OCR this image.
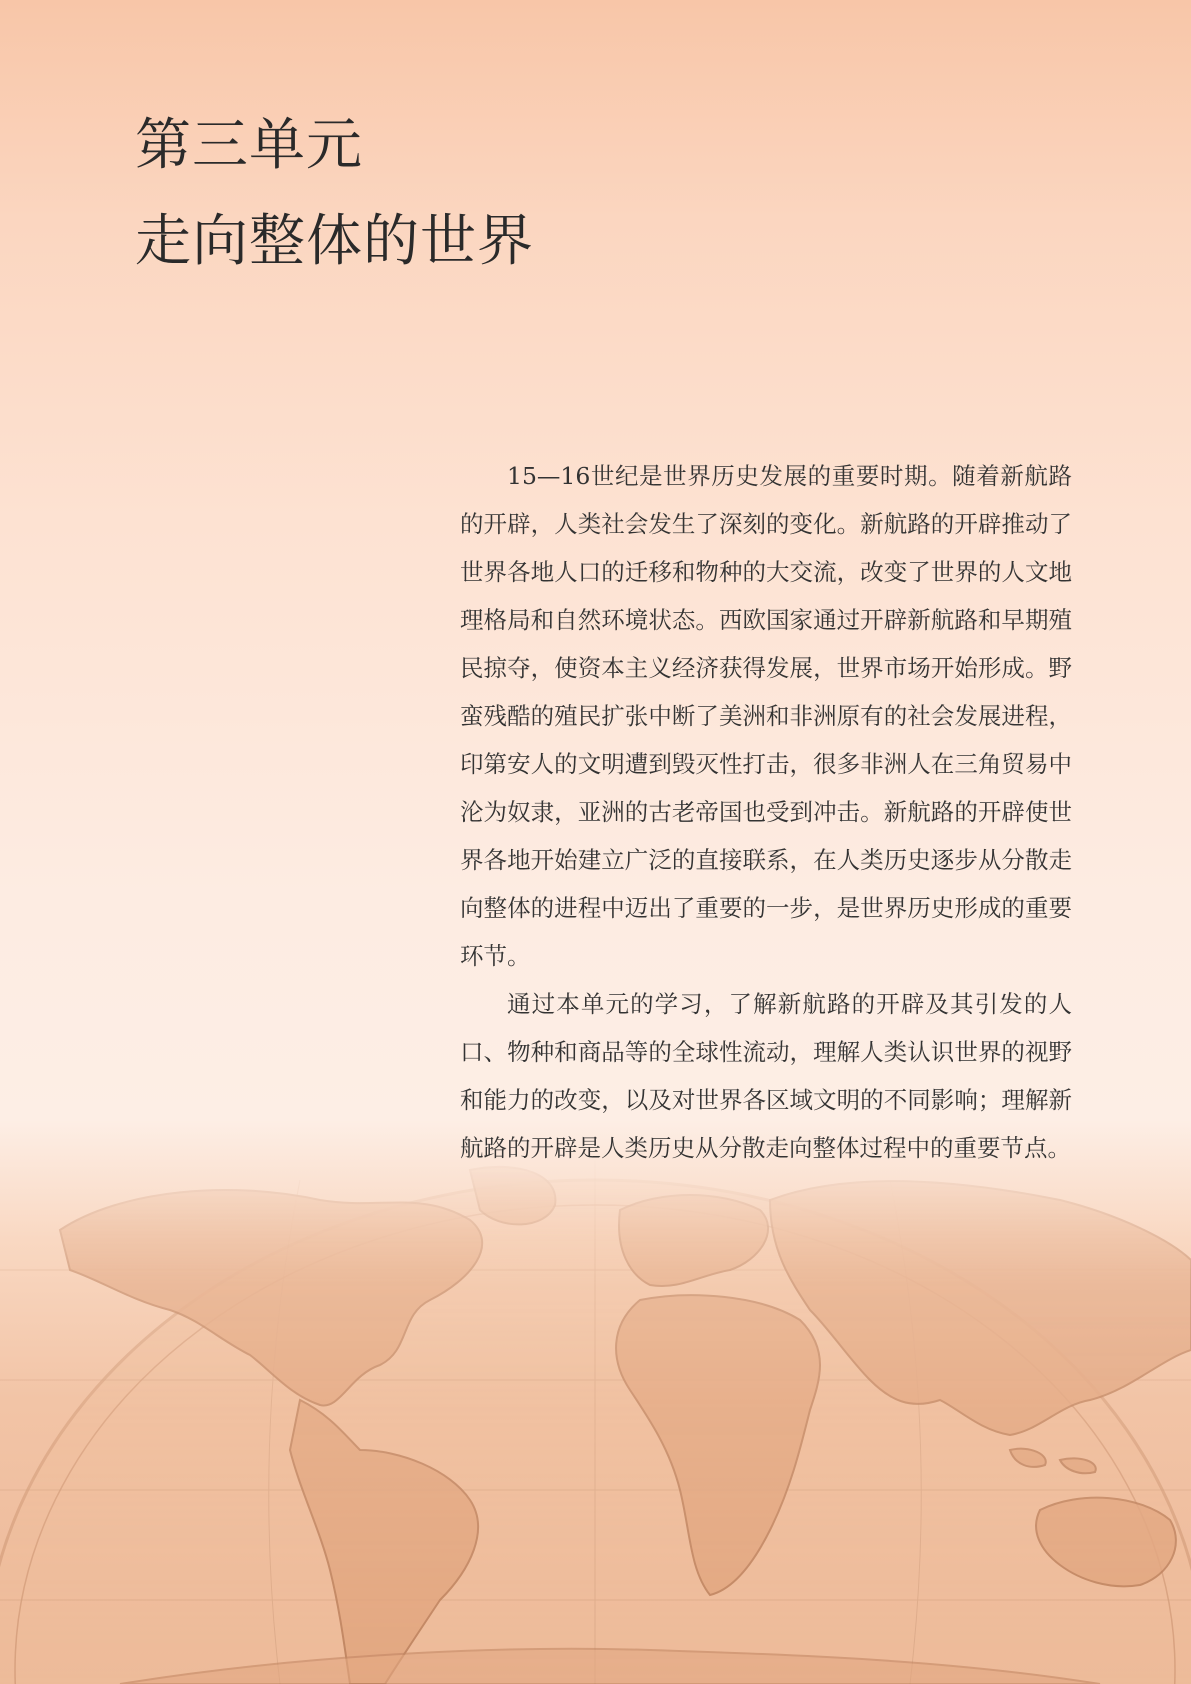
第三单元
走向整体的世界

15—16世纪是世界历史发展的重要时期。随着新航路的开辟，人类社会发生了深刻的变化。新航路的开辟推动了世界各地人口的迁移和物种的大交流，改变了世界的人文地理格局和自然环境状态。西欧国家通过开辟新航路和早期殖民掠夺，使资本主义经济获得发展，世界市场开始形成。野蛮残酷的殖民扩张中断了美洲和非洲原有的社会发展进程，印第安人的文明遭到毁灭性打击，很多非洲人在三角贸易中沦为奴隶，亚洲的古老帝国也受到冲击。新航路的开辟使世界各地开始建立广泛的直接联系，在人类历史逐步从分散走向整体的进程中迈出了重要的一步，是世界历史形成的重要环节。

通过本单元的学习，了解新航路的开辟及其引发的人口、物种和商品等的全球性流动，理解人类认识世界的视野和能力的改变，以及对世界各区域文明的不同影响；理解新航路的开辟是人类历史从分散走向整体过程中的重要节点。
